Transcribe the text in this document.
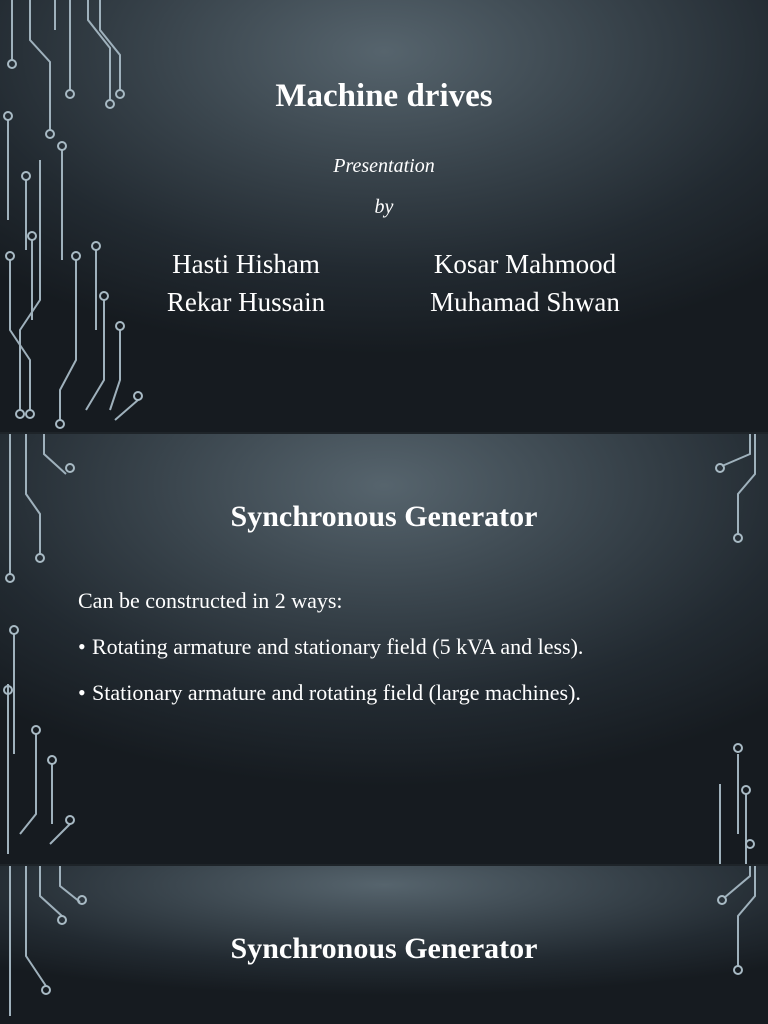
Machine drives

Presentation

by

Hasti Hisham
Rekar Hussain
Kosar Mahmood
Muhamad Shwan
Synchronous Generator
Can be constructed in 2 ways:
• Rotating armature and stationary field (5 kVA and less).
• Stationary armature and rotating field (large machines).
Synchronous Generator
